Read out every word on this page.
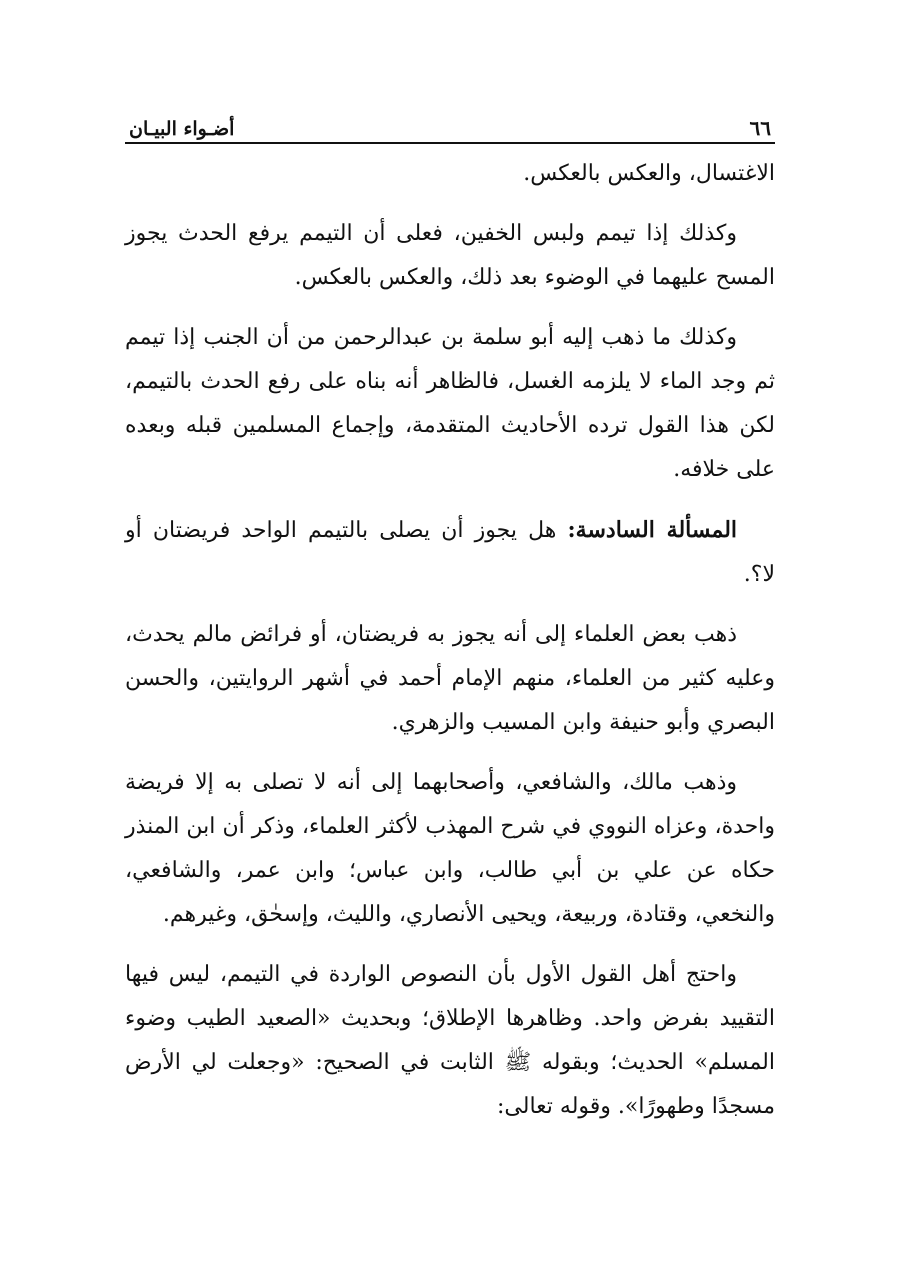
٦٦
أضـواء البيـان

الاغتسال، والعكس بالعكس.

وكذلك إذا تيمم ولبس الخفين، فعلى أن التيمم يرفع الحدث يجوز المسح عليهما في الوضوء بعد ذلك، والعكس بالعكس.

وكذلك ما ذهب إليه أبو سلمة بن عبدالرحمن من أن الجنب إذا تيمم ثم وجد الماء لا يلزمه الغسل، فالظاهر أنه بناه على رفع الحدث بالتيمم، لكن هذا القول ترده الأحاديث المتقدمة، وإجماع المسلمين قبله وبعده على خلافه.

المسألة السادسة: هل يجوز أن يصلى بالتيمم الواحد فريضتان أو لا؟.

ذهب بعض العلماء إلى أنه يجوز به فريضتان، أو فرائض مالم يحدث، وعليه كثير من العلماء، منهم الإمام أحمد في أشهر الروايتين، والحسن البصري وأبو حنيفة وابن المسيب والزهري.

وذهب مالك، والشافعي، وأصحابهما إلى أنه لا تصلى به إلا فريضة واحدة، وعزاه النووي في شرح المهذب لأكثر العلماء، وذكر أن ابن المنذر حكاه عن علي بن أبي طالب، وابن عباس؛ وابن عمر، والشافعي، والنخعي، وقتادة، وربيعة، ويحيى الأنصاري، والليث، وإسحٰق، وغيرهم.

واحتج أهل القول الأول بأن النصوص الواردة في التيمم، ليس فيها التقييد بفرض واحد. وظاهرها الإطلاق؛ وبحديث «الصعيد الطيب وضوء المسلم» الحديث؛ وبقوله ﷺ الثابت في الصحيح: «وجعلت لي الأرض مسجدًا وطهورًا». وقوله تعالى:
